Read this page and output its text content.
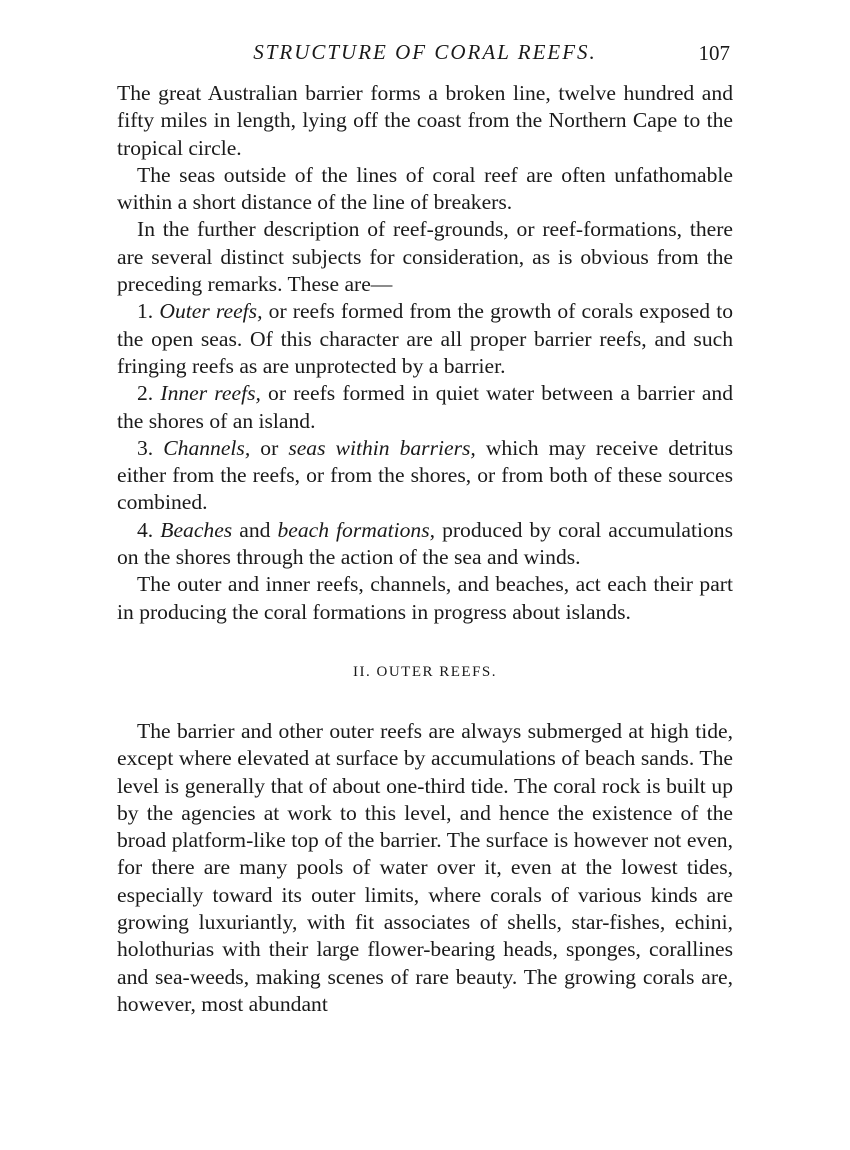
STRUCTURE OF CORAL REEFS.	107

The great Australian barrier forms a broken line, twelve hundred and fifty miles in length, lying off the coast from the Northern Cape to the tropical circle.

The seas outside of the lines of coral reef are often unfathomable within a short distance of the line of breakers.

In the further description of reef-grounds, or reef-formations, there are several distinct subjects for consideration, as is obvious from the preceding remarks. These are—

1. Outer reefs, or reefs formed from the growth of corals exposed to the open seas. Of this character are all proper barrier reefs, and such fringing reefs as are unprotected by a barrier.

2. Inner reefs, or reefs formed in quiet water between a barrier and the shores of an island.

3. Channels, or seas within barriers, which may receive detritus either from the reefs, or from the shores, or from both of these sources combined.

4. Beaches and beach formations, produced by coral accumulations on the shores through the action of the sea and winds.

The outer and inner reefs, channels, and beaches, act each their part in producing the coral formations in progress about islands.

II. OUTER REEFS.

The barrier and other outer reefs are always submerged at high tide, except where elevated at surface by accumulations of beach sands. The level is generally that of about one-third tide. The coral rock is built up by the agencies at work to this level, and hence the existence of the broad platform-like top of the barrier. The surface is however not even, for there are many pools of water over it, even at the lowest tides, especially toward its outer limits, where corals of various kinds are growing luxuriantly, with fit associates of shells, star-fishes, echini, holothurias with their large flower-bearing heads, sponges, corallines and sea-weeds, making scenes of rare beauty. The growing corals are, however, most abundant
